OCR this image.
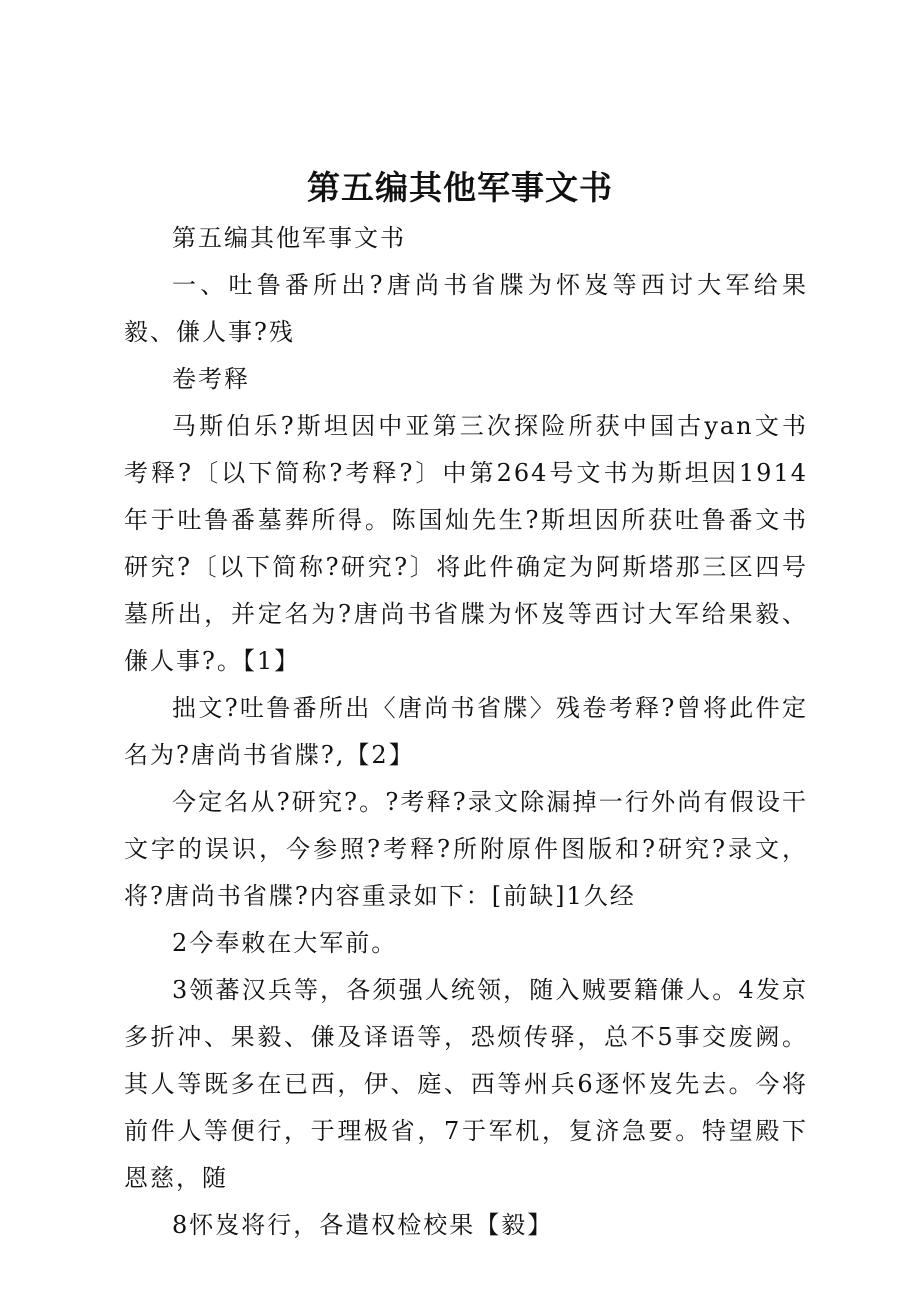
第五编其他军事文书

第五编其他军事文书

一、吐鲁番所出?唐尚书省牒为怀岌等西讨大军给果毅、傔人事?残

卷考释

马斯伯乐?斯坦因中亚第三次探险所获中国古yan文书考释?〔以下简称?考释?〕中第264号文书为斯坦因1914年于吐鲁番墓葬所得。陈国灿先生?斯坦因所获吐鲁番文书研究?〔以下简称?研究?〕将此件确定为阿斯塔那三区四号墓所出，并定名为?唐尚书省牒为怀岌等西讨大军给果毅、傔人事?。【1】

拙文?吐鲁番所出〈唐尚书省牒〉残卷考释?曾将此件定名为?唐尚书省牒?,【2】

今定名从?研究?。?考释?录文除漏掉一行外尚有假设干文字的误识，今参照?考释?所附原件图版和?研究?录文，将?唐尚书省牒?内容重录如下：[前缺]1久经

2今奉敕在大军前。

3领蕃汉兵等，各须强人统领，随入贼要籍傔人。4发京多折冲、果毅、傔及译语等，恐烦传驿，总不5事交废阙。其人等既多在已西，伊、庭、西等州兵6逐怀岌先去。今将前件人等便行，于理极省，7于军机，复济急要。特望殿下恩慈，随

8怀岌将行，各遣权检校果【毅】
